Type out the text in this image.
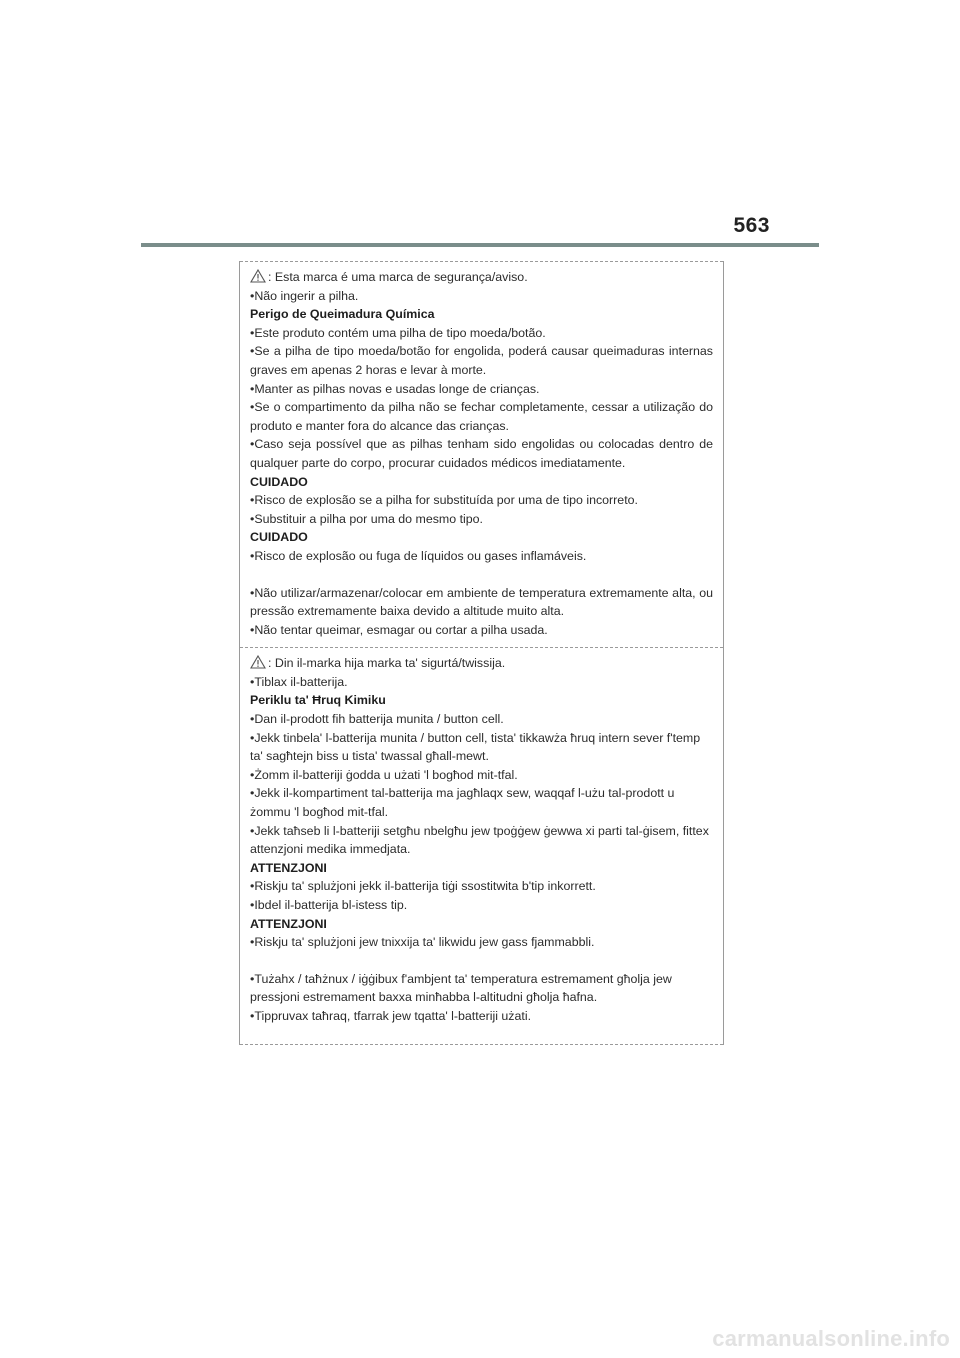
563

: Esta marca é uma marca de segurança/aviso.

•Não ingerir a pilha.

Perigo de Queimadura Química

•Este produto contém uma pilha de tipo moeda/botão.

•Se a pilha de tipo moeda/botão for engolida, poderá causar queimaduras internas graves em apenas 2 horas e levar à morte.

•Manter as pilhas novas e usadas longe de crianças.

•Se o compartimento da pilha não se fechar completamente, cessar a utilização do produto e manter fora do alcance das crianças.

•Caso seja possível que as pilhas tenham sido engolidas ou colocadas dentro de qualquer parte do corpo, procurar cuidados médicos imediatamente.

CUIDADO

•Risco de explosão se a pilha for substituída por uma de tipo incorreto.

•Substituir a pilha por uma do mesmo tipo.

CUIDADO

•Risco de explosão ou fuga de líquidos ou gases inflamáveis.

•Não utilizar/armazenar/colocar em ambiente de temperatura extremamente alta, ou pressão extremamente baixa devido a altitude muito alta.

•Não tentar queimar, esmagar ou cortar a pilha usada.

: Din il-marka hija marka ta' sigurtá/twissija.

•Tiblax il-batterija.

Periklu ta' Ħruq Kimiku

•Dan il-prodott fih batterija munita / button cell.

•Jekk tinbela' l-batterija munita / button cell, tista' tikkawża ħruq intern sever f'temp ta' sagħtejn biss u tista' twassal għall-mewt.

•Żomm il-batteriji ġodda u użati 'l bogħod mit-tfal.

•Jekk il-kompartiment tal-batterija ma jagħlaqx sew, waqqaf l-użu tal-prodott u żommu 'l bogħod mit-tfal.

•Jekk taħseb li l-batteriji setgħu nbelgħu jew tpoġġew ġewwa xi parti tal-ġisem, fittex attenzjoni medika immedjata.

ATTENZJONI

•Riskju ta' splużjoni jekk il-batterija tiġi ssostitwita b'tip inkorrett.

•Ibdel il-batterija bl-istess tip.

ATTENZJONI

•Riskju ta' splużjoni jew tnixxija ta' likwidu jew gass fjammabbli.

•Tużahx / taħżnux / iġġibux f'ambjent ta' temperatura estremament għolja jew pressjoni estremament baxxa minħabba l-altitudni għolja ħafna.

•Tippruvax taħraq, tfarrak jew tqatta' l-batteriji użati.

carmanualsonline.info
